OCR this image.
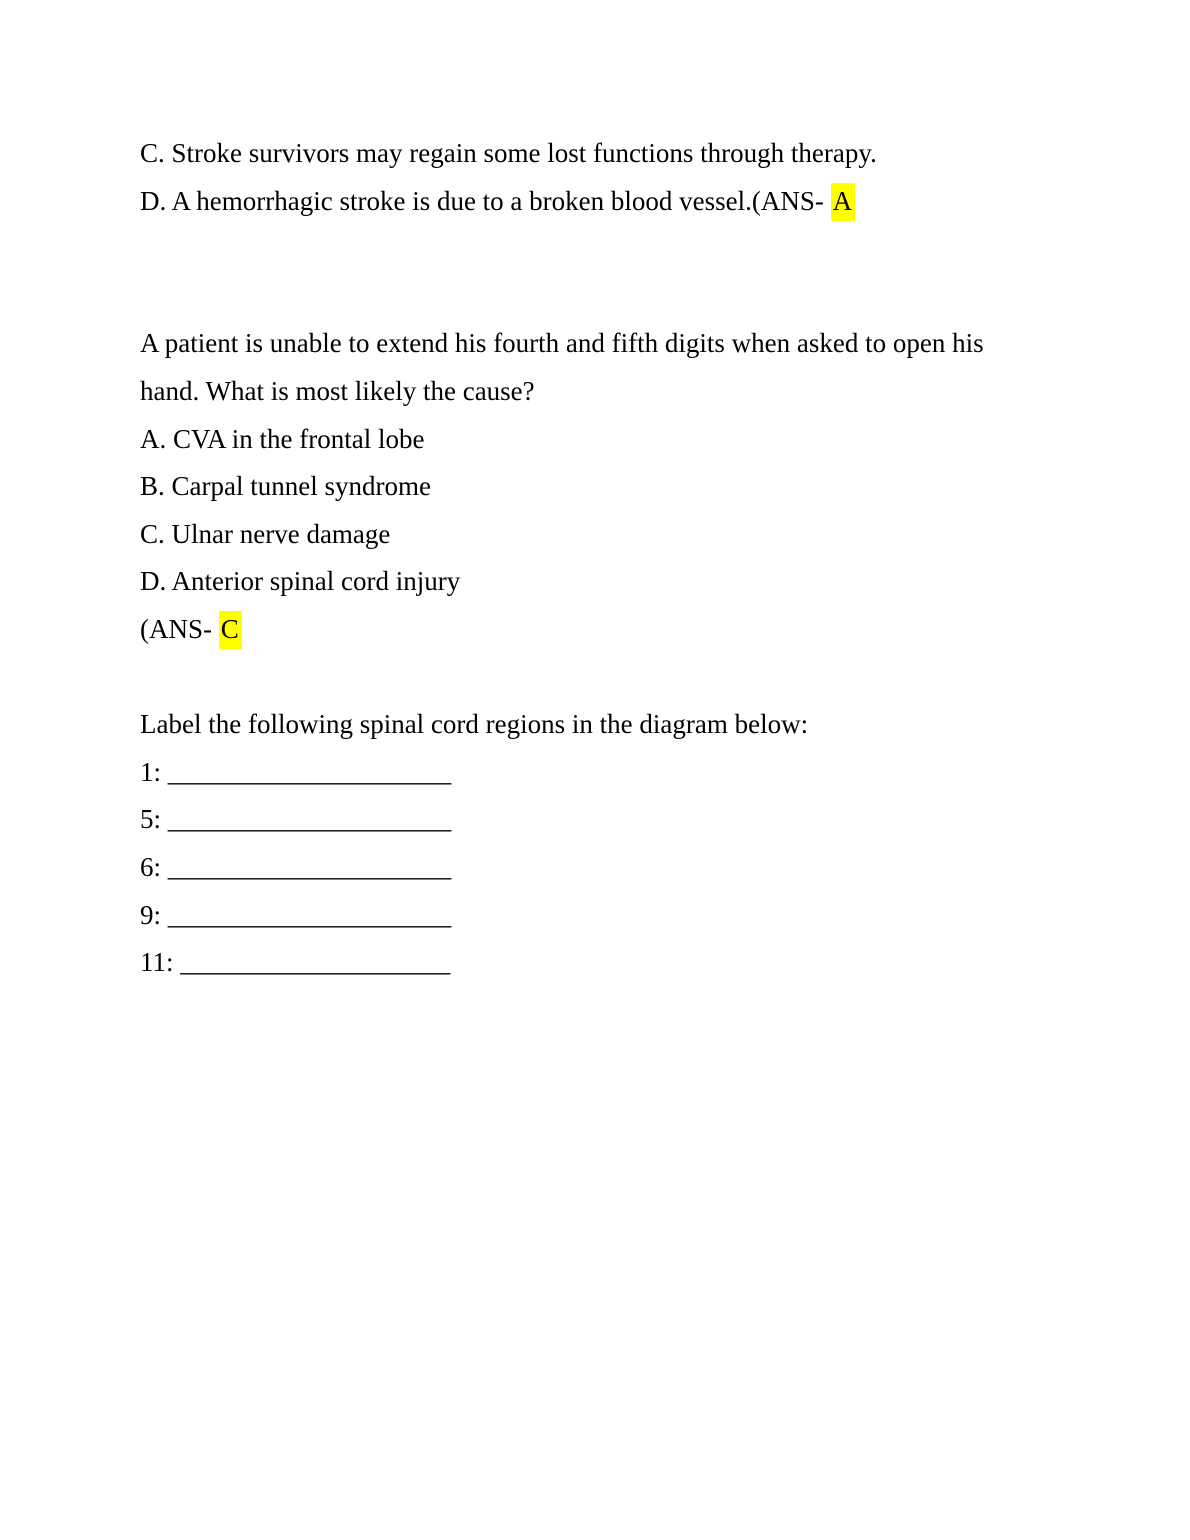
C. Stroke survivors may regain some lost functions through therapy.
D. A hemorrhagic stroke is due to a broken blood vessel.(ANS- A
A patient is unable to extend his fourth and fifth digits when asked to open his
hand. What is most likely the cause?
A. CVA in the frontal lobe
B. Carpal tunnel syndrome
C. Ulnar nerve damage
D. Anterior spinal cord injury
(ANS- C
Label the following spinal cord regions in the diagram below:
1: _____________________
5: _____________________
6: _____________________
9: _____________________
11: ____________________
